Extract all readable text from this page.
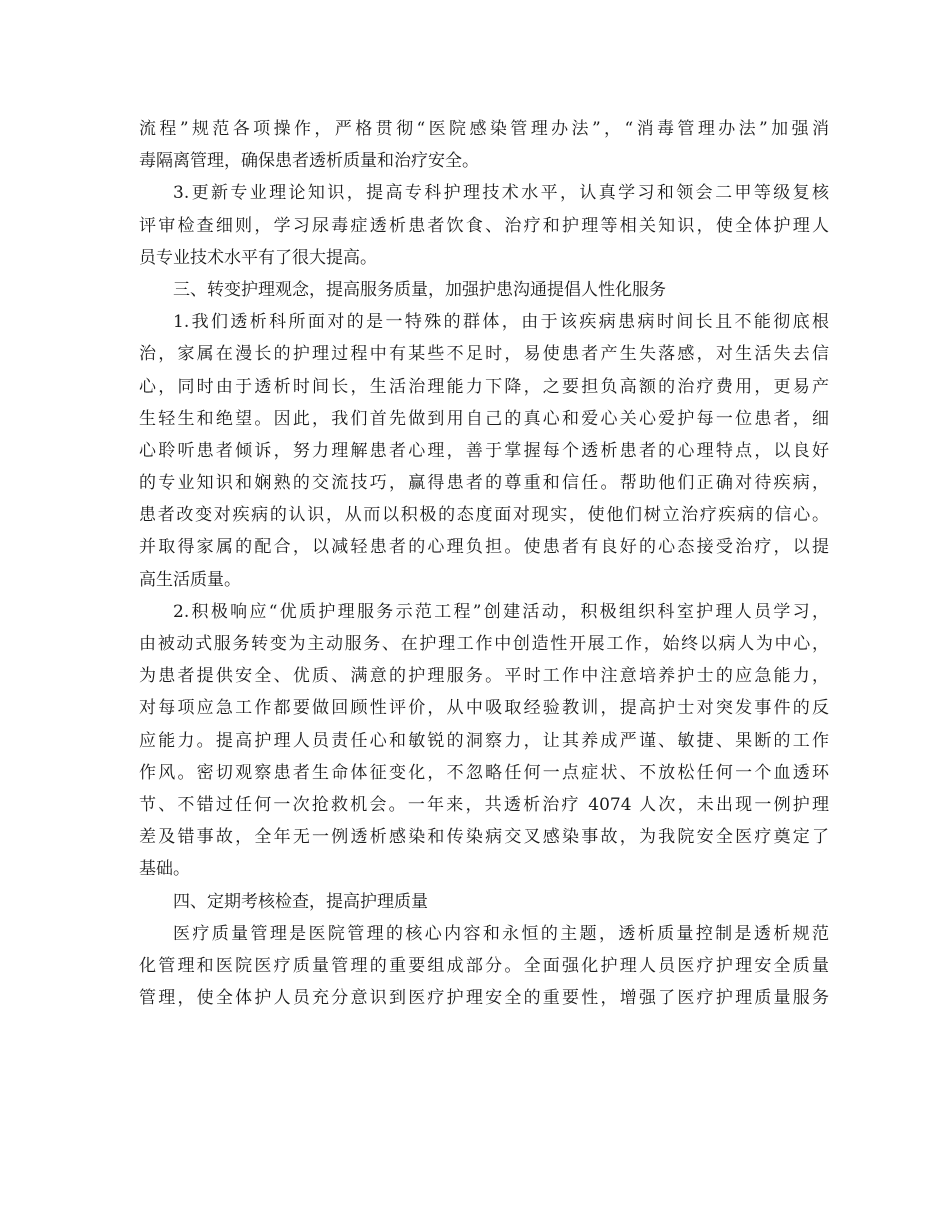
流程”规范各项操作，严格贯彻“医院感染管理办法”，“消毒管理办法”加强消
毒隔离管理，确保患者透析质量和治疗安全。

3.更新专业理论知识，提高专科护理技术水平，认真学习和领会二甲等级复核
评审检查细则，学习尿毒症透析患者饮食、治疗和护理等相关知识，使全体护理人
员专业技术水平有了很大提高。

三、转变护理观念，提高服务质量，加强护患沟通提倡人性化服务

1.我们透析科所面对的是一特殊的群体，由于该疾病患病时间长且不能彻底根
治，家属在漫长的护理过程中有某些不足时，易使患者产生失落感，对生活失去信
心，同时由于透析时间长，生活治理能力下降，之要担负高额的治疗费用，更易产
生轻生和绝望。因此，我们首先做到用自己的真心和爱心关心爱护每一位患者，细
心聆听患者倾诉，努力理解患者心理，善于掌握每个透析患者的心理特点，以良好
的专业知识和娴熟的交流技巧，赢得患者的尊重和信任。帮助他们正确对待疾病，
患者改变对疾病的认识，从而以积极的态度面对现实，使他们树立治疗疾病的信心。
并取得家属的配合，以减轻患者的心理负担。使患者有良好的心态接受治疗，以提
高生活质量。

2.积极响应“优质护理服务示范工程”创建活动，积极组织科室护理人员学习，
由被动式服务转变为主动服务、在护理工作中创造性开展工作，始终以病人为中心，
为患者提供安全、优质、满意的护理服务。平时工作中注意培养护士的应急能力，
对每项应急工作都要做回顾性评价，从中吸取经验教训，提高护士对突发事件的反
应能力。提高护理人员责任心和敏锐的洞察力，让其养成严谨、敏捷、果断的工作
作风。密切观察患者生命体征变化，不忽略任何一点症状、不放松任何一个血透环
节、不错过任何一次抢救机会。一年来，共透析治疗 4074 人次，未出现一例护理
差及错事故，全年无一例透析感染和传染病交叉感染事故，为我院安全医疗奠定了
基础。

四、定期考核检查，提高护理质量

医疗质量管理是医院管理的核心内容和永恒的主题，透析质量控制是透析规范
化管理和医院医疗质量管理的重要组成部分。全面强化护理人员医疗护理安全质量
管理，使全体护人员充分意识到医疗护理安全的重要性，增强了医疗护理质量服务
